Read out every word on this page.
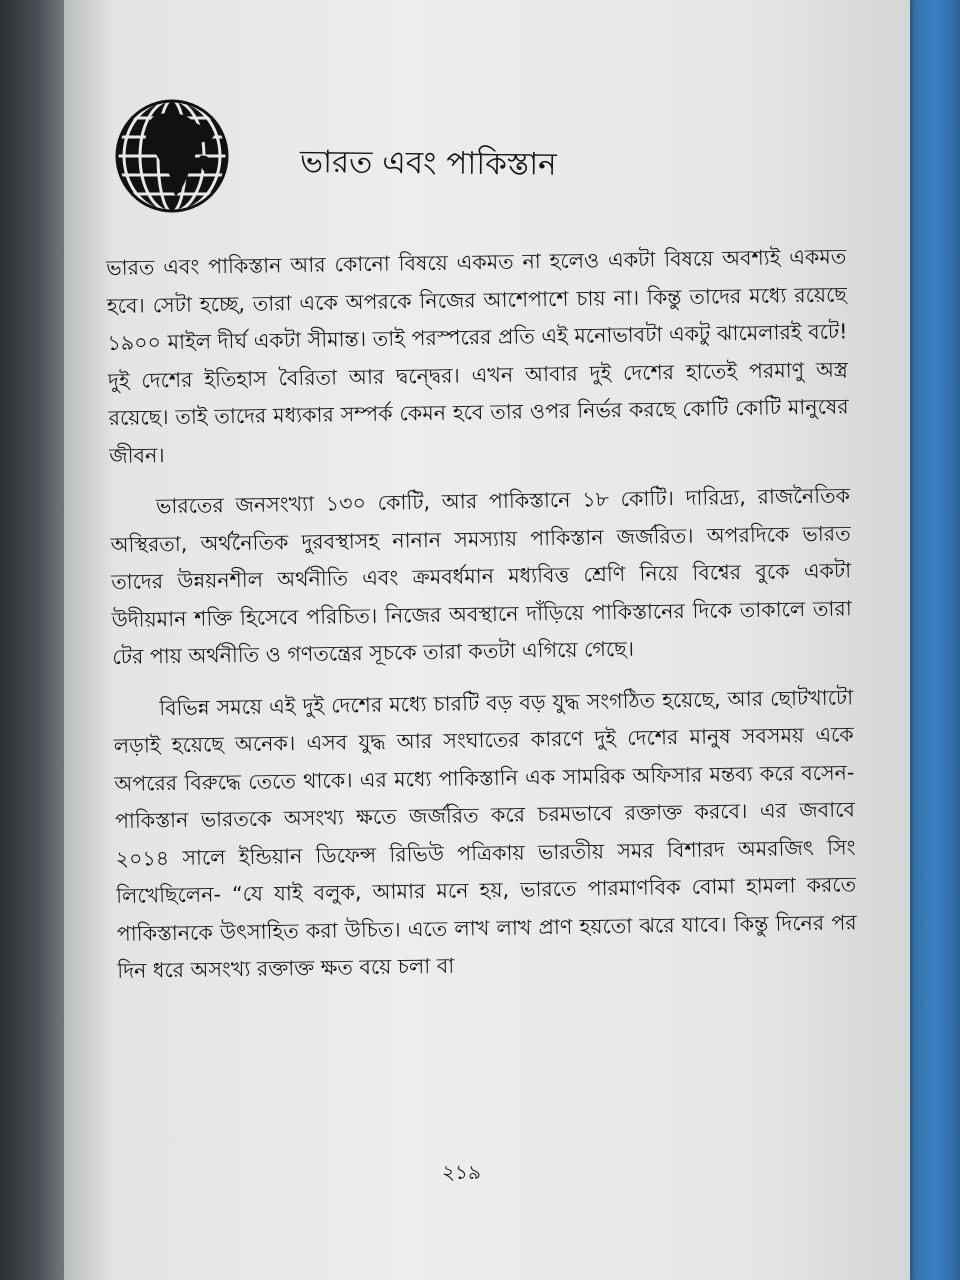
ভারত এবং পাকিস্তান

ভারত এবং পাকিস্তান আর কোনো বিষয়ে একমত না হলেও একটা বিষয়ে অবশ্যই একমত হবে। সেটা হচ্ছে, তারা একে অপরকে নিজের আশেপাশে চায় না। কিন্তু তাদের মধ্যে রয়েছে ১৯০০ মাইল দীর্ঘ একটা সীমান্ত। তাই পরস্পরের প্রতি এই মনোভাবটা একটু ঝামেলারই বটে! দুই দেশের ইতিহাস বৈরিতা আর দ্বন্দ্বের। এখন আবার দুই দেশের হাতেই পরমাণু অস্ত্র রয়েছে। তাই তাদের মধ্যকার সম্পর্ক কেমন হবে তার ওপর নির্ভর করছে কোটি কোটি মানুষের জীবন।

ভারতের জনসংখ্যা ১৩০ কোটি, আর পাকিস্তানে ১৮ কোটি। দারিদ্র্য, রাজনৈতিক অস্থিরতা, অর্থনৈতিক দুরবস্থাসহ নানান সমস্যায় পাকিস্তান জর্জরিত। অপরদিকে ভারত তাদের উন্নয়নশীল অর্থনীতি এবং ক্রমবর্ধমান মধ্যবিত্ত শ্রেণি নিয়ে বিশ্বের বুকে একটা উদীয়মান শক্তি হিসেবে পরিচিত। নিজের অবস্থানে দাঁড়িয়ে পাকিস্তানের দিকে তাকালে তারা টের পায় অর্থনীতি ও গণতন্ত্রের সূচকে তারা কতটা এগিয়ে গেছে।

বিভিন্ন সময়ে এই দুই দেশের মধ্যে চারটি বড় বড় যুদ্ধ সংগঠিত হয়েছে, আর ছোটখাটো লড়াই হয়েছে অনেক। এসব যুদ্ধ আর সংঘাতের কারণে দুই দেশের মানুষ সবসময় একে অপরের বিরুদ্ধে তেতে থাকে। এর মধ্যে পাকিস্তানি এক সামরিক অফিসার মন্তব্য করে বসেন- পাকিস্তান ভারতকে অসংখ্য ক্ষতে জর্জরিত করে চরমভাবে রক্তাক্ত করবে। এর জবাবে ২০১৪ সালে ইন্ডিয়ান ডিফেন্স রিভিউ পত্রিকায় ভারতীয় সমর বিশারদ অমরজিৎ সিং লিখেছিলেন- “যে যাই বলুক, আমার মনে হয়, ভারতে পারমাণবিক বোমা হামলা করতে পাকিস্তানকে উৎসাহিত করা উচিত। এতে লাখ লাখ প্রাণ হয়তো ঝরে যাবে। কিন্তু দিনের পর দিন ধরে অসংখ্য রক্তাক্ত ক্ষত বয়ে চলা বা

২১৯
